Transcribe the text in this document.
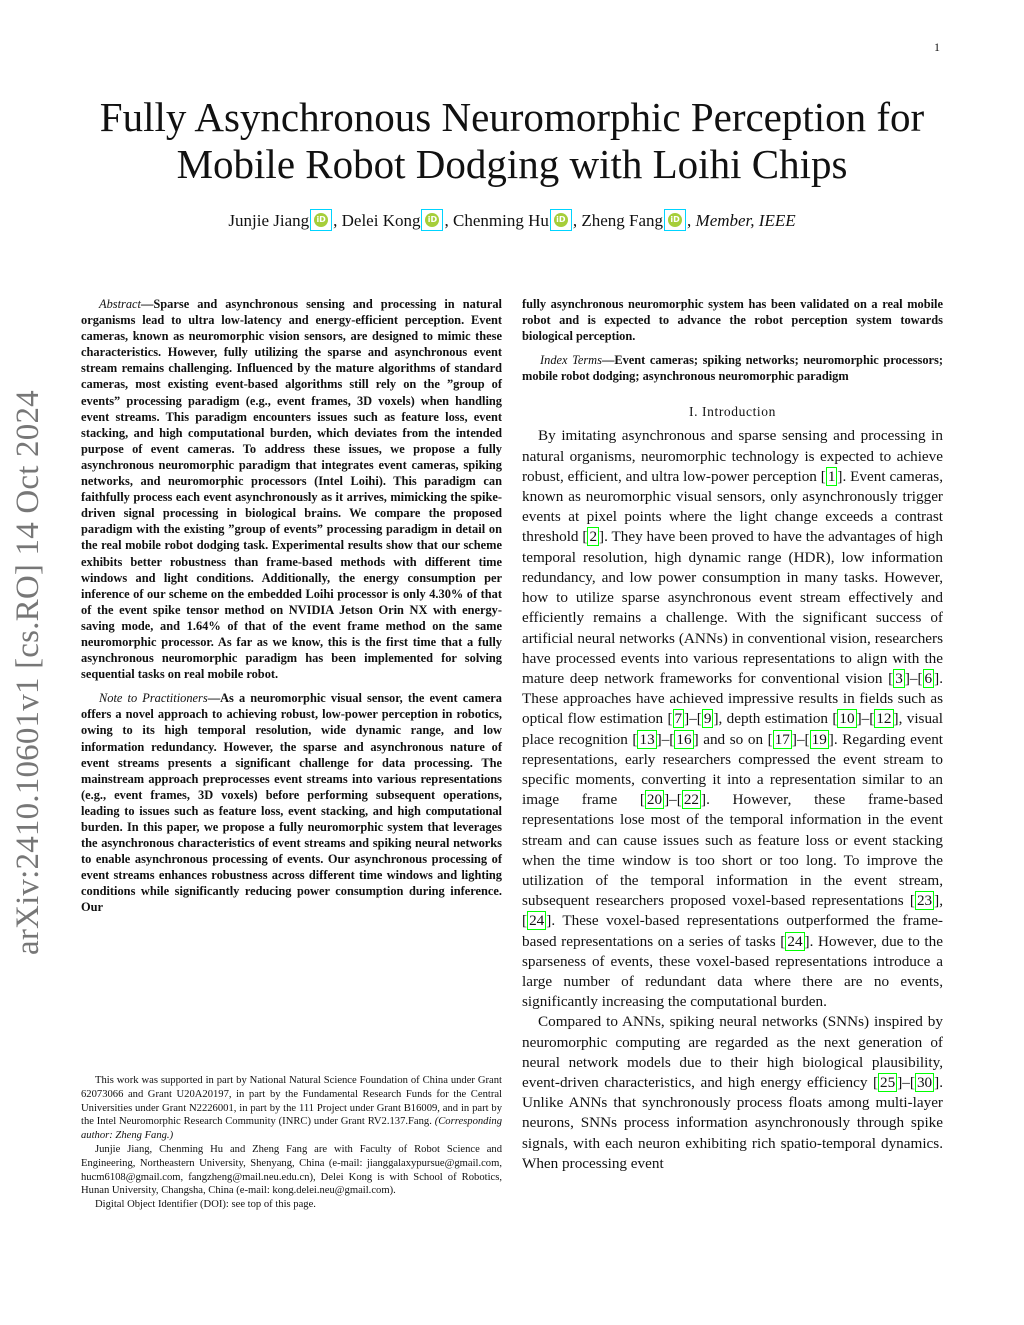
1
arXiv:2410.10601v1 [cs.RO] 14 Oct 2024
Fully Asynchronous Neuromorphic Perception for
Mobile Robot Dodging with Loihi Chips
Junjie Jiang iD , Delei Kong iD , Chenming Hu iD , Zheng Fang iD , Member, IEEE

Abstract—Sparse and asynchronous sensing and processing in natural organisms lead to ultra low-latency and energy-efficient perception. Event cameras, known as neuromorphic vision sensors, are designed to mimic these characteristics. However, fully utilizing the sparse and asynchronous event stream remains challenging. Influenced by the mature algorithms of standard cameras, most existing event-based algorithms still rely on the ”group of events” processing paradigm (e.g., event frames, 3D voxels) when handling event streams. This paradigm encounters issues such as feature loss, event stacking, and high computational burden, which deviates from the intended purpose of event cameras. To address these issues, we propose a fully asynchronous neuromorphic paradigm that integrates event cameras, spiking networks, and neuromorphic processors (Intel Loihi). This paradigm can faithfully process each event asynchronously as it arrives, mimicking the spike-driven signal processing in biological brains. We compare the proposed paradigm with the existing ”group of events” processing paradigm in detail on the real mobile robot dodging task. Experimental results show that our scheme exhibits better robustness than frame-based methods with different time windows and light conditions. Additionally, the energy consumption per inference of our scheme on the embedded Loihi processor is only 4.30% of that of the event spike tensor method on NVIDIA Jetson Orin NX with energy-saving mode, and 1.64% of that of the event frame method on the same neuromorphic processor. As far as we know, this is the first time that a fully asynchronous neuromorphic paradigm has been implemented for solving sequential tasks on real mobile robot.

Note to Practitioners—As a neuromorphic visual sensor, the event camera offers a novel approach to achieving robust, low-power perception in robotics, owing to its high temporal resolution, wide dynamic range, and low information redundancy. However, the sparse and asynchronous nature of event streams presents a significant challenge for data processing. The mainstream approach preprocesses event streams into various representations (e.g., event frames, 3D voxels) before performing subsequent operations, leading to issues such as feature loss, event stacking, and high computational burden. In this paper, we propose a fully neuromorphic system that leverages the asynchronous characteristics of event streams and spiking neural networks to enable asynchronous processing of events. Our asynchronous processing of event streams enhances robustness across different time windows and lighting conditions while significantly reducing power consumption during inference. Our

This work was supported in part by National Natural Science Foundation of China under Grant 62073066 and Grant U20A20197, in part by the Fundamental Research Funds for the Central Universities under Grant N2226001, in part by the 111 Project under Grant B16009, and in part by the Intel Neuromorphic Research Community (INRC) under Grant RV2.137.Fang. (Corresponding author: Zheng Fang.)

Junjie Jiang, Chenming Hu and Zheng Fang are with Faculty of Robot Science and Engineering, Northeastern University, Shenyang, China (e-mail: jianggalaxypursue@gmail.com, hucm6108@gmail.com, fangzheng@mail.neu.edu.cn), Delei Kong is with School of Robotics, Hunan University, Changsha, China (e-mail: kong.delei.neu@gmail.com).

Digital Object Identifier (DOI): see top of this page.

fully asynchronous neuromorphic system has been validated on a real mobile robot and is expected to advance the robot perception system towards biological perception.

Index Terms—Event cameras; spiking networks; neuromorphic processors; mobile robot dodging; asynchronous neuromorphic paradigm

I. Introduction

By imitating asynchronous and sparse sensing and processing in natural organisms, neuromorphic technology is expected to achieve robust, efficient, and ultra low-power perception [ 1 ]. Event cameras, known as neuromorphic visual sensors, only asynchronously trigger events at pixel points where the light change exceeds a contrast threshold [ 2 ]. They have been proved to have the advantages of high temporal resolution, high dynamic range (HDR), low information redundancy, and low power consumption in many tasks. However, how to utilize sparse asynchronous event stream effectively and efficiently remains a challenge. With the significant success of artificial neural networks (ANNs) in conventional vision, researchers have processed events into various representations to align with the mature deep network frameworks for conventional vision [ 3 ]–[ 6 ]. These approaches have achieved impressive results in fields such as optical flow estimation [ 7 ]–[ 9 ], depth estimation [ 10 ]–[ 12 ], visual place recognition [ 13 ]–[ 16 ] and so on [ 17 ]–[ 19 ]. Regarding event representations, early researchers compressed the event stream to specific moments, converting it into a representation similar to an image frame [ 20 ]–[ 22 ]. However, these frame-based representations lose most of the temporal information in the event stream and can cause issues such as feature loss or event stacking when the time window is too short or too long. To improve the utilization of the temporal information in the event stream, subsequent researchers proposed voxel-based representations [ 23 ], [ 24 ]. These voxel-based representations outperformed the frame-based representations on a series of tasks [ 24 ]. However, due to the sparseness of events, these voxel-based representations introduce a large number of redundant data where there are no events, significantly increasing the computational burden.

Compared to ANNs, spiking neural networks (SNNs) inspired by neuromorphic computing are regarded as the next generation of neural network models due to their high biological plausibility, event-driven characteristics, and high energy efficiency [ 25 ]–[ 30 ]. Unlike ANNs that synchronously process floats among multi-layer neurons, SNNs process information asynchronously through spike signals, with each neuron exhibiting rich spatio-temporal dynamics. When processing event
